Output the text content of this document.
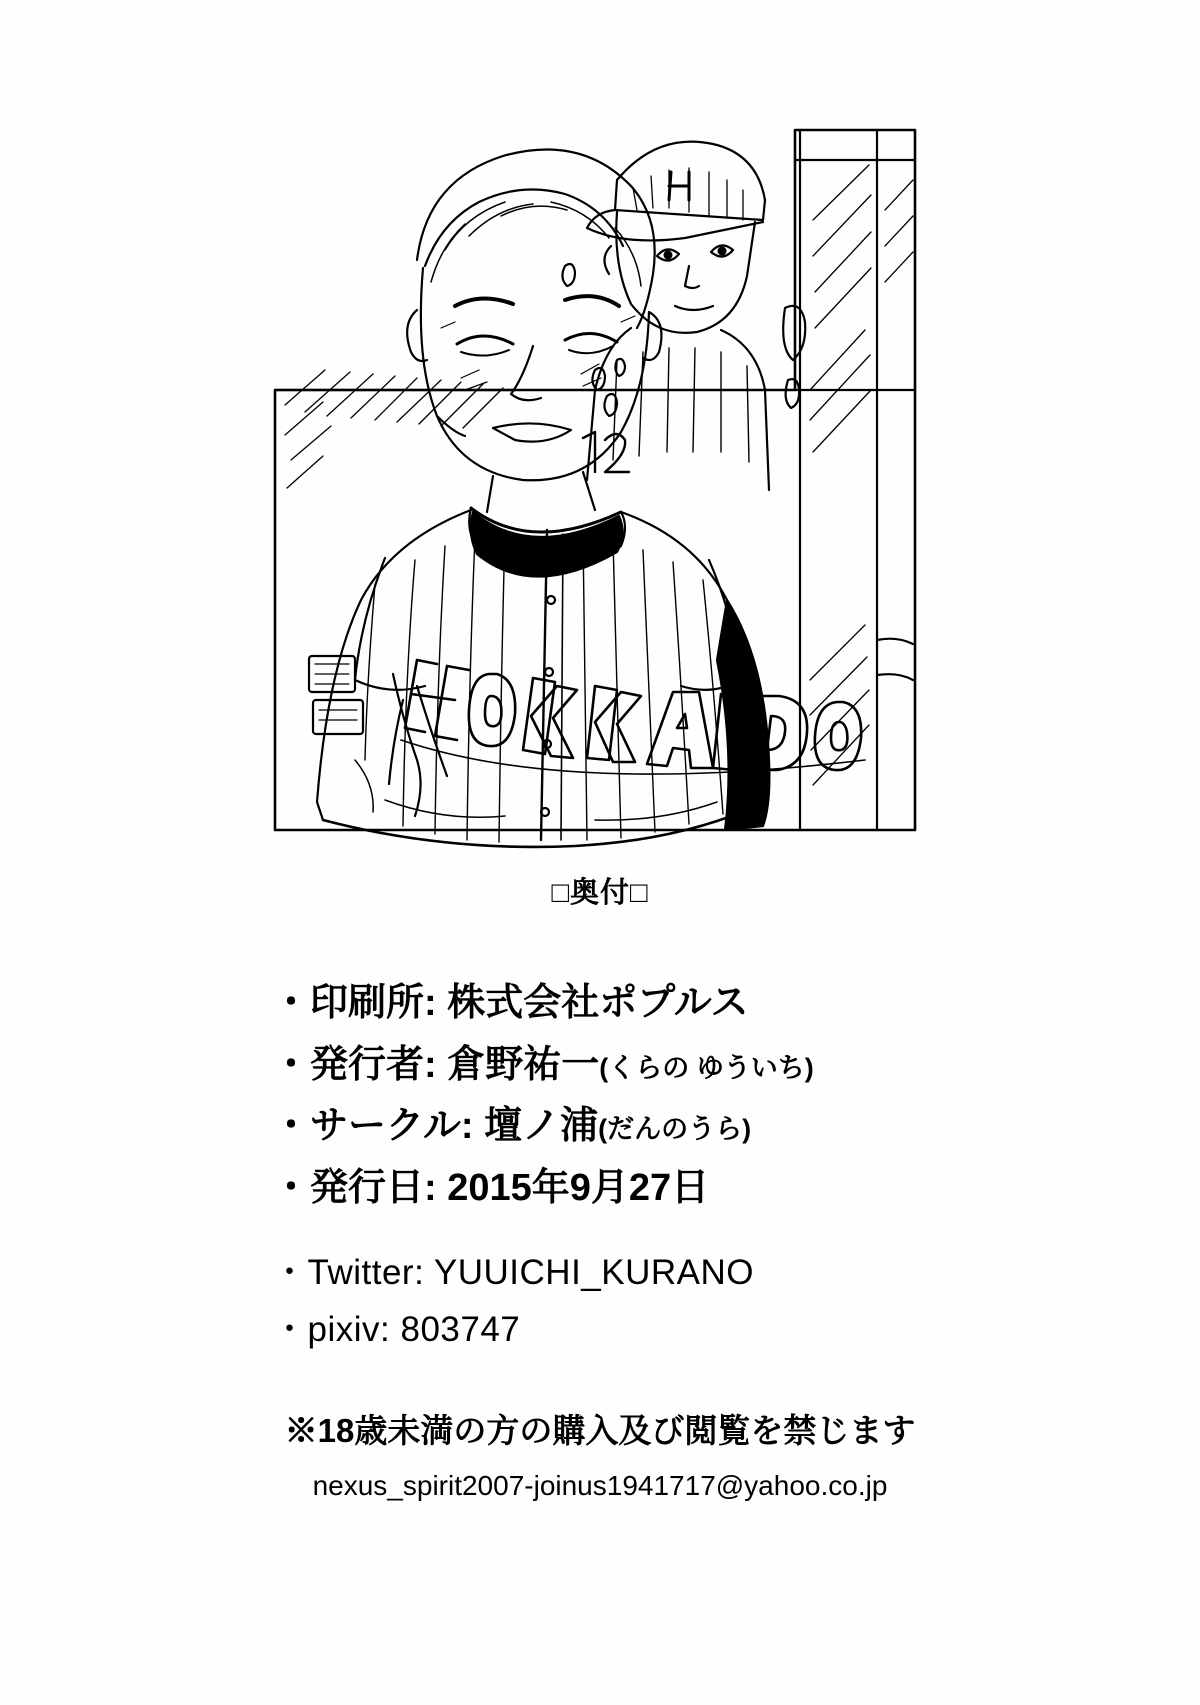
□奥付□
・印刷所: 株式会社ポプルス
・発行者: 倉野祐一(くらの ゆういち)
・サークル: 壇ノ浦(だんのうら)
・発行日: 2015年9月27日
・Twitter: YUUICHI_KURANO
・pixiv: 803747
※18歳未満の方の購入及び閲覧を禁じます
nexus_spirit2007-joinus1941717@yahoo.co.jp
